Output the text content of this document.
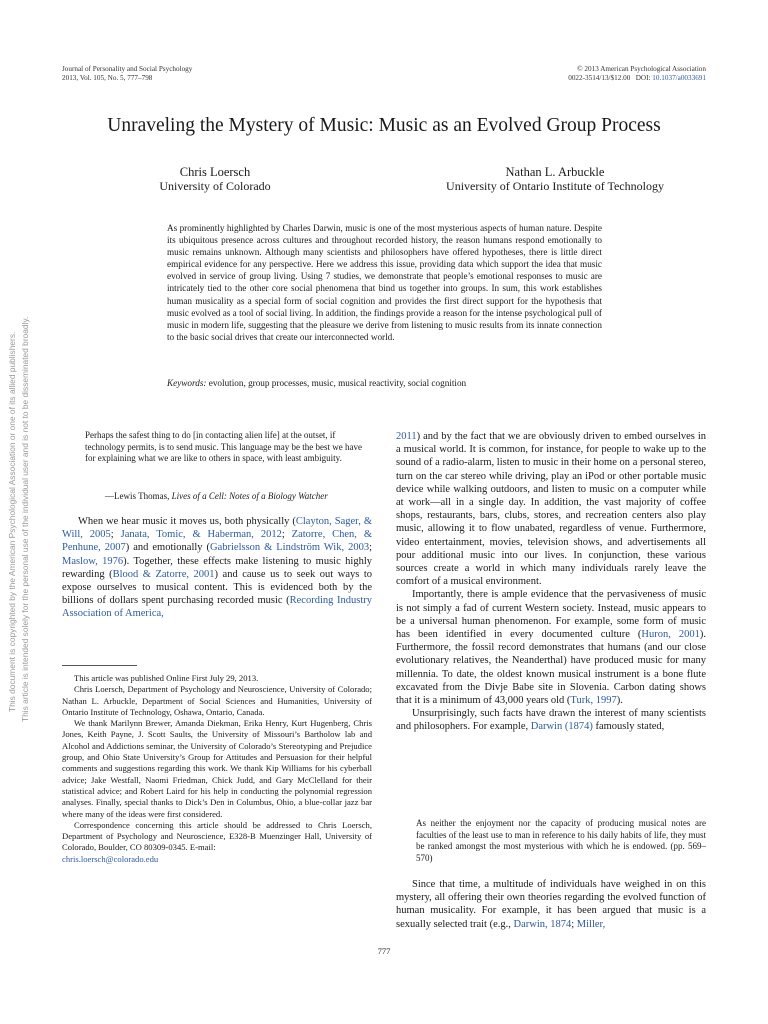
Journal of Personality and Social Psychology
2013, Vol. 105, No. 5, 777–798
© 2013 American Psychological Association
0022-3514/13/$12.00 DOI: 10.1037/a0033691
Unraveling the Mystery of Music: Music as an Evolved Group Process
Chris Loersch
University of Colorado
Nathan L. Arbuckle
University of Ontario Institute of Technology
As prominently highlighted by Charles Darwin, music is one of the most mysterious aspects of human nature. Despite its ubiquitous presence across cultures and throughout recorded history, the reason humans respond emotionally to music remains unknown. Although many scientists and philosophers have offered hypotheses, there is little direct empirical evidence for any perspective. Here we address this issue, providing data which support the idea that music evolved in service of group living. Using 7 studies, we demonstrate that people’s emotional responses to music are intricately tied to the other core social phenomena that bind us together into groups. In sum, this work establishes human musicality as a special form of social cognition and provides the first direct support for the hypothesis that music evolved as a tool of social living. In addition, the findings provide a reason for the intense psychological pull of music in modern life, suggesting that the pleasure we derive from listening to music results from its innate connection to the basic social drives that create our interconnected world.
Keywords: evolution, group processes, music, musical reactivity, social cognition
Perhaps the safest thing to do [in contacting alien life] at the outset, if technology permits, is to send music. This language may be the best we have for explaining what we are like to others in space, with least ambiguity.
—Lewis Thomas, Lives of a Cell: Notes of a Biology Watcher

When we hear music it moves us, both physically (Clayton, Sager, & Will, 2005; Janata, Tomic, & Haberman, 2012; Zatorre, Chen, & Penhune, 2007) and emotionally (Gabrielsson & Lindström Wik, 2003; Maslow, 1976). Together, these effects make listening to music highly rewarding (Blood & Zatorre, 2001) and cause us to seek out ways to expose ourselves to musical content. This is evidenced both by the billions of dollars spent purchasing recorded music (Recording Industry Association of America,

This article was published Online First July 29, 2013.

Chris Loersch, Department of Psychology and Neuroscience, University of Colorado; Nathan L. Arbuckle, Department of Social Sciences and Humanities, University of Ontario Institute of Technology, Oshawa, Ontario, Canada.

We thank Marilynn Brewer, Amanda Diekman, Erika Henry, Kurt Hugenberg, Chris Jones, Keith Payne, J. Scott Saults, the University of Missouri’s Bartholow lab and Alcohol and Addictions seminar, the University of Colorado’s Stereotyping and Prejudice group, and Ohio State University’s Group for Attitudes and Persuasion for their helpful comments and suggestions regarding this work. We thank Kip Williams for his cyberball advice; Jake Westfall, Naomi Friedman, Chick Judd, and Gary McClelland for their statistical advice; and Robert Laird for his help in conducting the polynomial regression analyses. Finally, special thanks to Dick’s Den in Columbus, Ohio, a blue-collar jazz bar where many of the ideas were first considered.

Correspondence concerning this article should be addressed to Chris Loersch, Department of Psychology and Neuroscience, E328-B Muenzinger Hall, University of Colorado, Boulder, CO 80309-0345. E-mail:

chris.loersch@colorado.edu

2011) and by the fact that we are obviously driven to embed ourselves in a musical world. It is common, for instance, for people to wake up to the sound of a radio-alarm, listen to music in their home on a personal stereo, turn on the car stereo while driving, play an iPod or other portable music device while walking outdoors, and listen to music on a computer while at work—all in a single day. In addition, the vast majority of coffee shops, restaurants, bars, clubs, stores, and recreation centers also play music, allowing it to flow unabated, regardless of venue. Furthermore, video entertainment, movies, television shows, and advertisements all pour additional music into our lives. In conjunction, these various sources create a world in which many individuals rarely leave the comfort of a musical environment.

Importantly, there is ample evidence that the pervasiveness of music is not simply a fad of current Western society. Instead, music appears to be a universal human phenomenon. For example, some form of music has been identified in every documented culture (Huron, 2001). Furthermore, the fossil record demonstrates that humans (and our close evolutionary relatives, the Neanderthal) have produced music for many millennia. To date, the oldest known musical instrument is a bone flute excavated from the Divje Babe site in Slovenia. Carbon dating shows that it is a minimum of 43,000 years old (Turk, 1997).

Unsurprisingly, such facts have drawn the interest of many scientists and philosophers. For example, Darwin (1874) famously stated,

As neither the enjoyment nor the capacity of producing musical notes are faculties of the least use to man in reference to his daily habits of life, they must be ranked amongst the most mysterious with which he is endowed. (pp. 569–570)

Since that time, a multitude of individuals have weighed in on this mystery, all offering their own theories regarding the evolved function of human musicality. For example, it has been argued that music is a sexually selected trait (e.g., Darwin, 1874; Miller,

777
This document is copyrighted by the American Psychological Association or one of its allied publishers. This article is intended solely for the personal use of the individual user and is not to be disseminated broadly.
